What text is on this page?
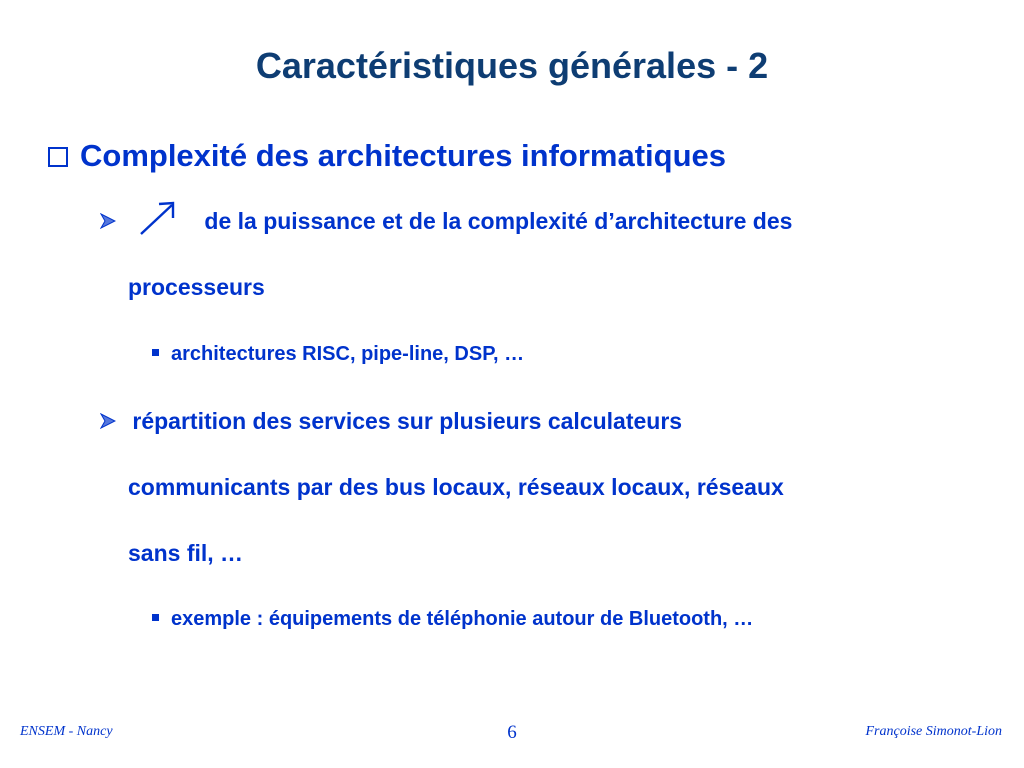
Caractéristiques générales - 2
Complexité des architectures informatiques
de la puissance et de la complexité d’architecture des
processeurs
architectures RISC, pipe-line, DSP, …
répartition des services sur plusieurs calculateurs
communicants par des bus locaux, réseaux locaux, réseaux
sans fil, …
exemple : équipements de téléphonie autour de Bluetooth, …
ENSEM - Nancy	6	Françoise Simonot-Lion
